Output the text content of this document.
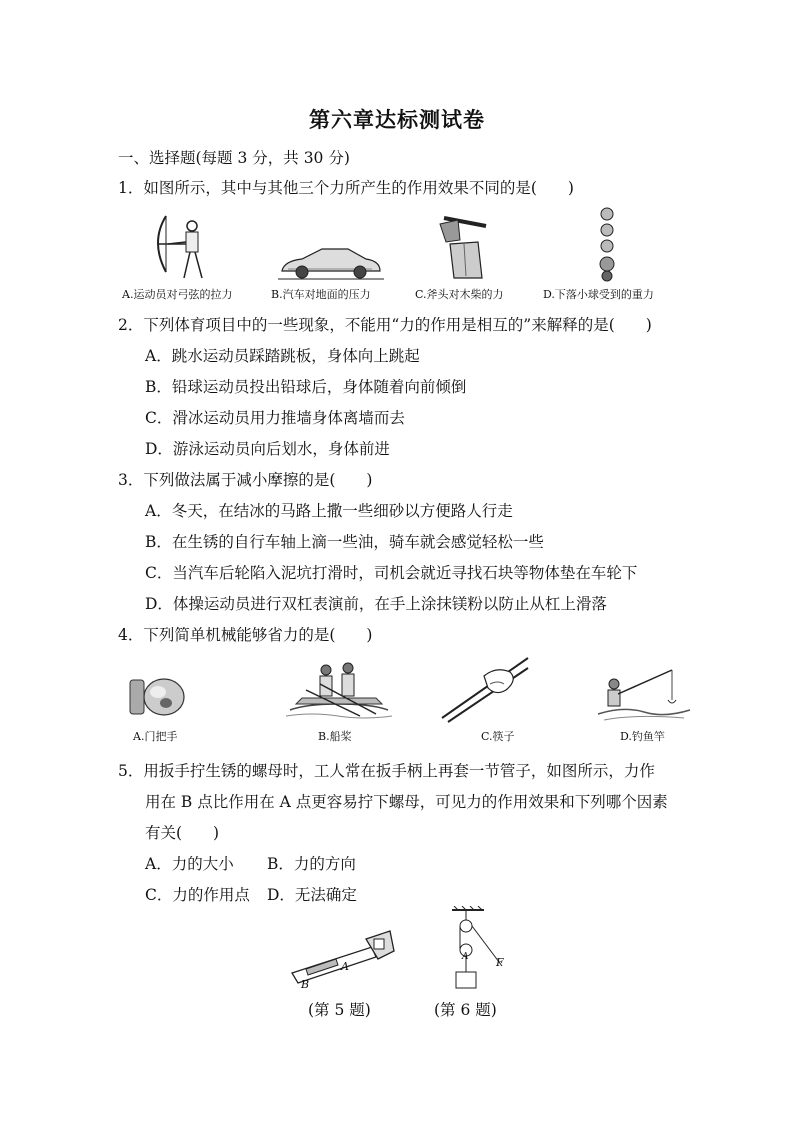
第六章达标测试卷
一、选择题(每题 3 分，共 30 分)
1．如图所示，其中与其他三个力所产生的作用效果不同的是(　　)
A.运动员对弓弦的拉力	B.汽车对地面的压力	C.斧头对木柴的力	D.下落小球受到的重力
2．下列体育项目中的一些现象，不能用“力的作用是相互的”来解释的是(　　)
A．跳水运动员踩踏跳板，身体向上跳起
B．铅球运动员投出铅球后，身体随着向前倾倒
C．滑冰运动员用力推墙身体离墙而去
D．游泳运动员向后划水，身体前进
3．下列做法属于减小摩擦的是(　　)
A．冬天，在结冰的马路上撒一些细砂以方便路人行走
B．在生锈的自行车轴上滴一些油，骑车就会感觉轻松一些
C．当汽车后轮陷入泥坑打滑时，司机会就近寻找石块等物体垫在车轮下
D．体操运动员进行双杠表演前，在手上涂抹镁粉以防止从杠上滑落
4．下列简单机械能够省力的是(　　)
A.门把手	B.船桨	C.筷子	D.钓鱼竿
5．用扳手拧生锈的螺母时，工人常在扳手柄上再套一节管子，如图所示，力作
用在 B 点比作用在 A 点更容易拧下螺母，可见力的作用效果和下列哪个因素
有关(　　)
A．力的大小 B．力的方向
C．力的作用点 D．无法确定
A
B
F
A
(第 5 题)	(第 6 题)
